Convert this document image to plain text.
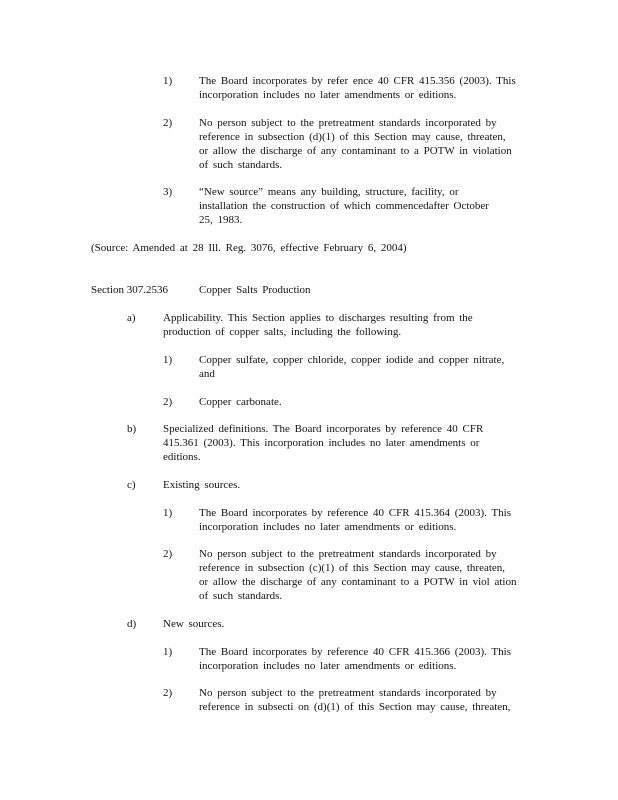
1) The Board incorporates by refer ence 40 CFR 415.356 (2003). This
incorporation includes no later amendments or editions.
2) No person subject to the pretreatment standards incorporated by
reference in subsection (d)(1) of this Section may cause, threaten,
or allow the discharge of any contaminant to a POTW in violation
of such standards.
3) “New source” means any building, structure, facility, or
installation the construction of which commencedafter October
25, 1983.
(Source: Amended at 28 Ill. Reg. 3076, effective February 6, 2004)
Section 307.2536	Copper Salts Production
a) Applicability. This Section applies to discharges resulting from the
production of copper salts, including the following.
1) Copper sulfate, copper chloride, copper iodide and copper nitrate,
and
2) Copper carbonate.
b) Specialized definitions. The Board incorporates by reference 40 CFR
415.361 (2003). This incorporation includes no later amendments or
editions.
c) Existing sources.
1) The Board incorporates by reference 40 CFR 415.364 (2003). This
incorporation includes no later amendments or editions.
2) No person subject to the pretreatment standards incorporated by
reference in subsection (c)(1) of this Section may cause, threaten,
or allow the discharge of any contaminant to a POTW in viol ation
of such standards.
d) New sources.
1) The Board incorporates by reference 40 CFR 415.366 (2003). This
incorporation includes no later amendments or editions.
2) No person subject to the pretreatment standards incorporated by
reference in subsecti on (d)(1) of this Section may cause, threaten,
